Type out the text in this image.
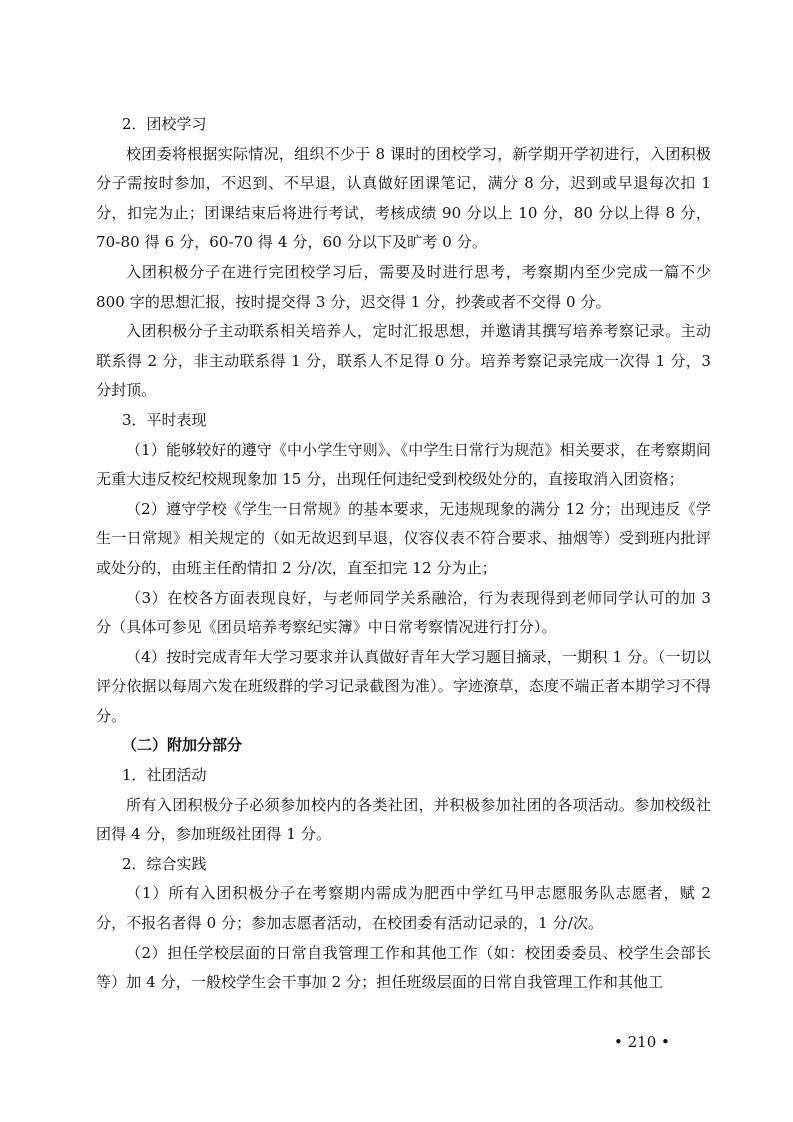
2．团校学习

校团委将根据实际情况，组织不少于 8 课时的团校学习，新学期开学初进行，入团积极分子需按时参加，不迟到、不早退，认真做好团课笔记，满分 8 分，迟到或早退每次扣 1 分，扣完为止；团课结束后将进行考试，考核成绩 90 分以上 10 分，80 分以上得 8 分，70-80 得 6 分，60-70 得 4 分，60 分以下及旷考 0 分。

入团积极分子在进行完团校学习后，需要及时进行思考，考察期内至少完成一篇不少 800 字的思想汇报，按时提交得 3 分，迟交得 1 分，抄袭或者不交得 0 分。

入团积极分子主动联系相关培养人，定时汇报思想，并邀请其撰写培养考察记录。主动联系得 2 分，非主动联系得 1 分，联系人不足得 0 分。培养考察记录完成一次得 1 分，3 分封顶。

3．平时表现

（1）能够较好的遵守《中小学生守则》、《中学生日常行为规范》相关要求，在考察期间无重大违反校纪校规现象加 15 分，出现任何违纪受到校级处分的，直接取消入团资格；

（2）遵守学校《学生一日常规》的基本要求，无违规现象的满分 12 分；出现违反《学生一日常规》相关规定的（如无故迟到早退，仪容仪表不符合要求、抽烟等）受到班内批评或处分的，由班主任酌情扣 2 分/次，直至扣完 12 分为止；

（3）在校各方面表现良好，与老师同学关系融洽，行为表现得到老师同学认可的加 3 分（具体可参见《团员培养考察纪实簿》中日常考察情况进行打分）。

（4）按时完成青年大学习要求并认真做好青年大学习题目摘录，一期积 1 分。（一切以评分依据以每周六发在班级群的学习记录截图为准）。字迹潦草，态度不端正者本期学习不得分。

（二）附加分部分

1．社团活动

所有入团积极分子必须参加校内的各类社团，并积极参加社团的各项活动。参加校级社团得 4 分，参加班级社团得 1 分。

2．综合实践

（1）所有入团积极分子在考察期内需成为肥西中学红马甲志愿服务队志愿者，赋 2 分，不报名者得 0 分；参加志愿者活动，在校团委有活动记录的，1 分/次。

（2）担任学校层面的日常自我管理工作和其他工作（如：校团委委员、校学生会部长等）加 4 分，一般校学生会干事加 2 分；担任班级层面的日常自我管理工作和其他工

• 210 •
